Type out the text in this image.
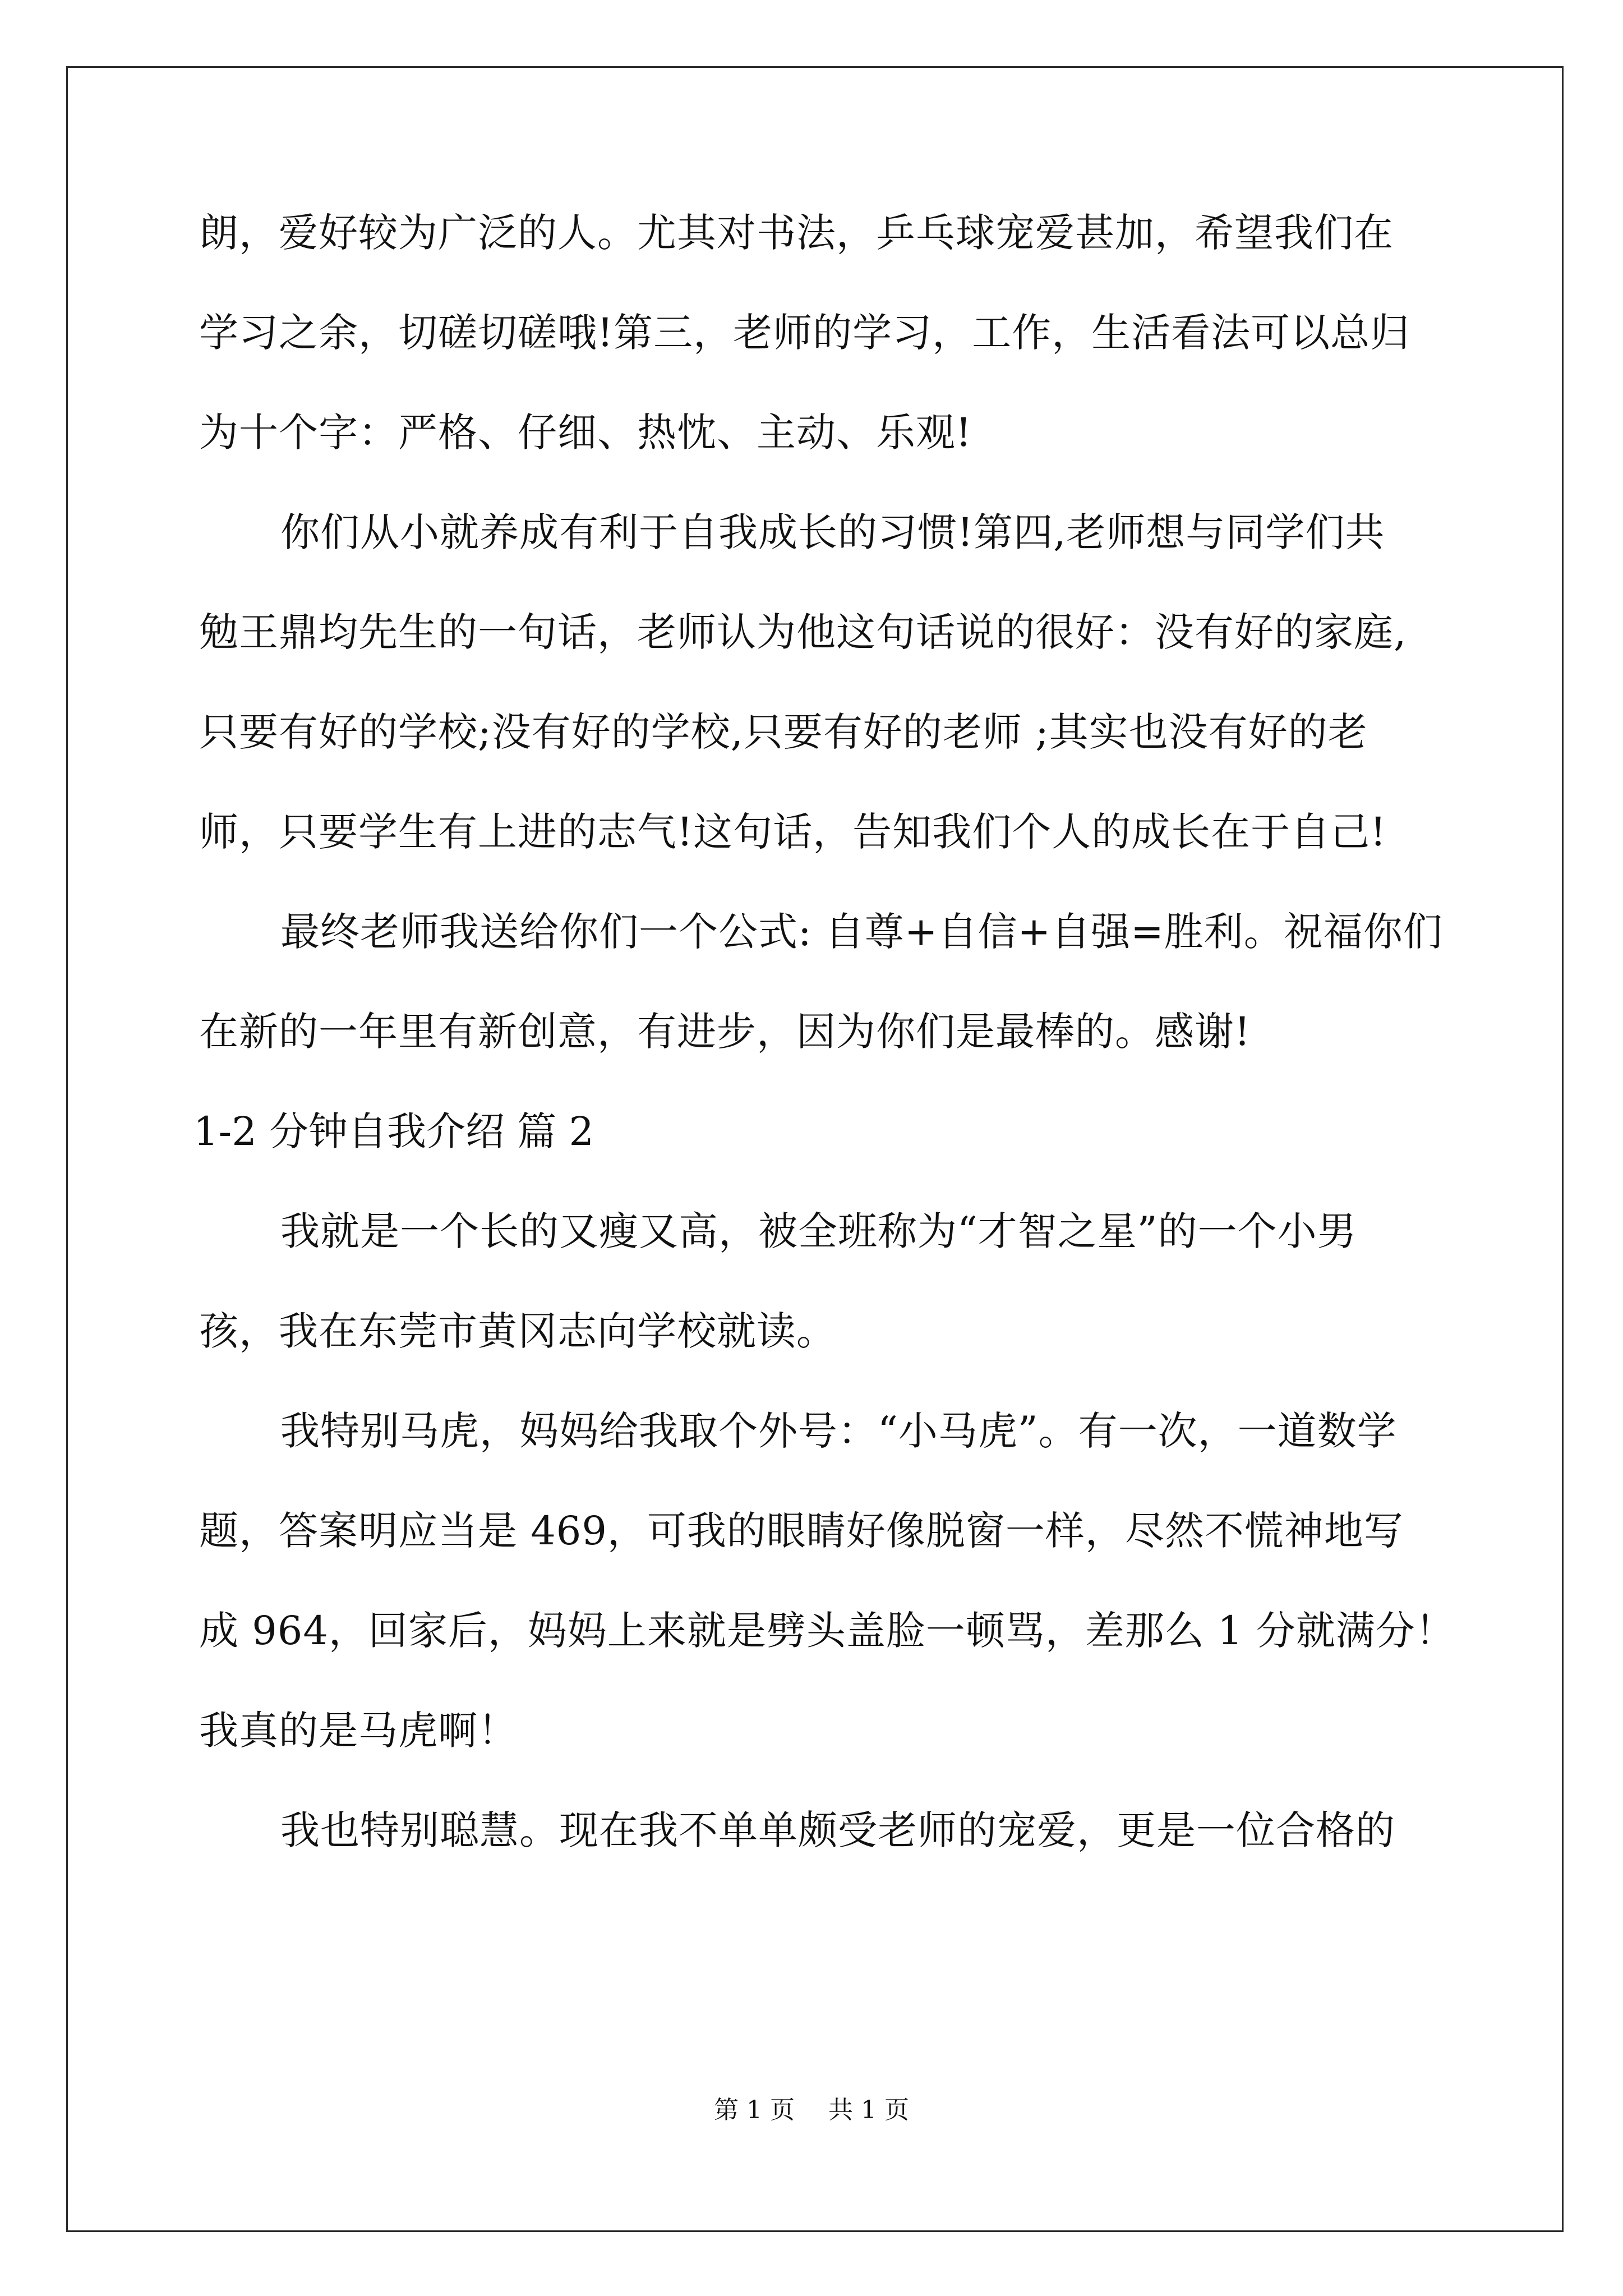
朗，爱好较为广泛的人。尤其对书法，乒乓球宠爱甚加，希望我们在
学习之余，切磋切磋哦!第三，老师的学习，工作，生活看法可以总归
为十个字：严格、仔细、热忱、主动、乐观!
你们从小就养成有利于自我成长的习惯!第四,老师想与同学们共
勉王鼎均先生的一句话，老师认为他这句话说的很好：没有好的家庭,
只要有好的学校;没有好的学校,只要有好的老师 ;其实也没有好的老
师，只要学生有上进的志气!这句话，告知我们个人的成长在于自己!
最终老师我送给你们一个公式: 自尊+自信+自强=胜利。祝福你们
在新的一年里有新创意，有进步，因为你们是最棒的。感谢!
1-2 分钟自我介绍 篇 2
我就是一个长的又瘦又高，被全班称为“才智之星”的一个小男
孩，我在东莞市黄冈志向学校就读。
我特别马虎，妈妈给我取个外号：“小马虎”。有一次，一道数学
题，答案明应当是 469，可我的眼睛好像脱窗一样，尽然不慌神地写
成 964，回家后，妈妈上来就是劈头盖脸一顿骂，差那么 1 分就满分！
我真的是马虎啊！
我也特别聪慧。现在我不单单颇受老师的宠爱，更是一位合格的
第 1 页 共 1 页
